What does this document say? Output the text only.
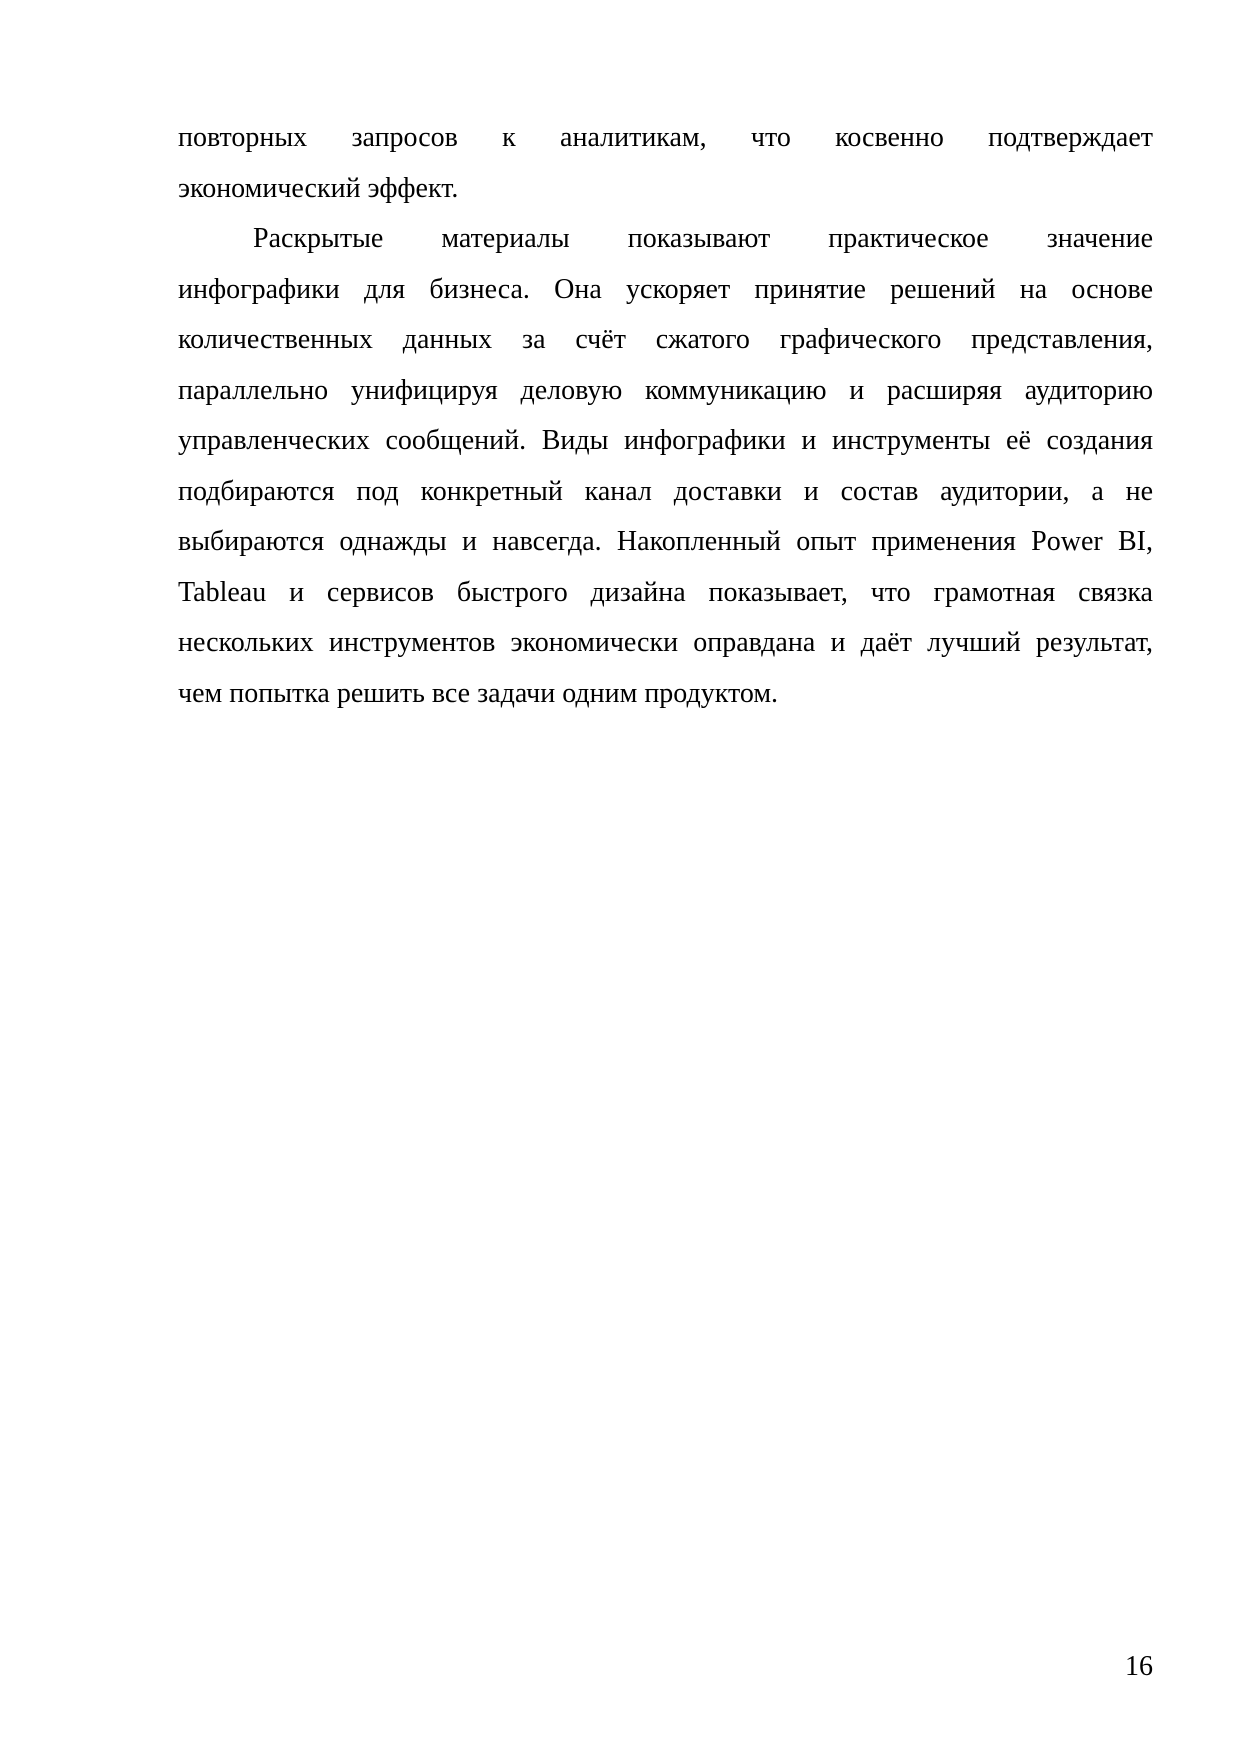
повторных запросов к аналитикам, что косвенно подтверждает
экономический эффект.
Раскрытые материалы показывают практическое значение
инфографики для бизнеса. Она ускоряет принятие решений на основе
количественных данных за счёт сжатого графического представления,
параллельно унифицируя деловую коммуникацию и расширяя аудиторию
управленческих сообщений. Виды инфографики и инструменты её создания
подбираются под конкретный канал доставки и состав аудитории, а не
выбираются однажды и навсегда. Накопленный опыт применения Power BI,
Tableau и сервисов быстрого дизайна показывает, что грамотная связка
нескольких инструментов экономически оправдана и даёт лучший результат,
чем попытка решить все задачи одним продуктом.
16
